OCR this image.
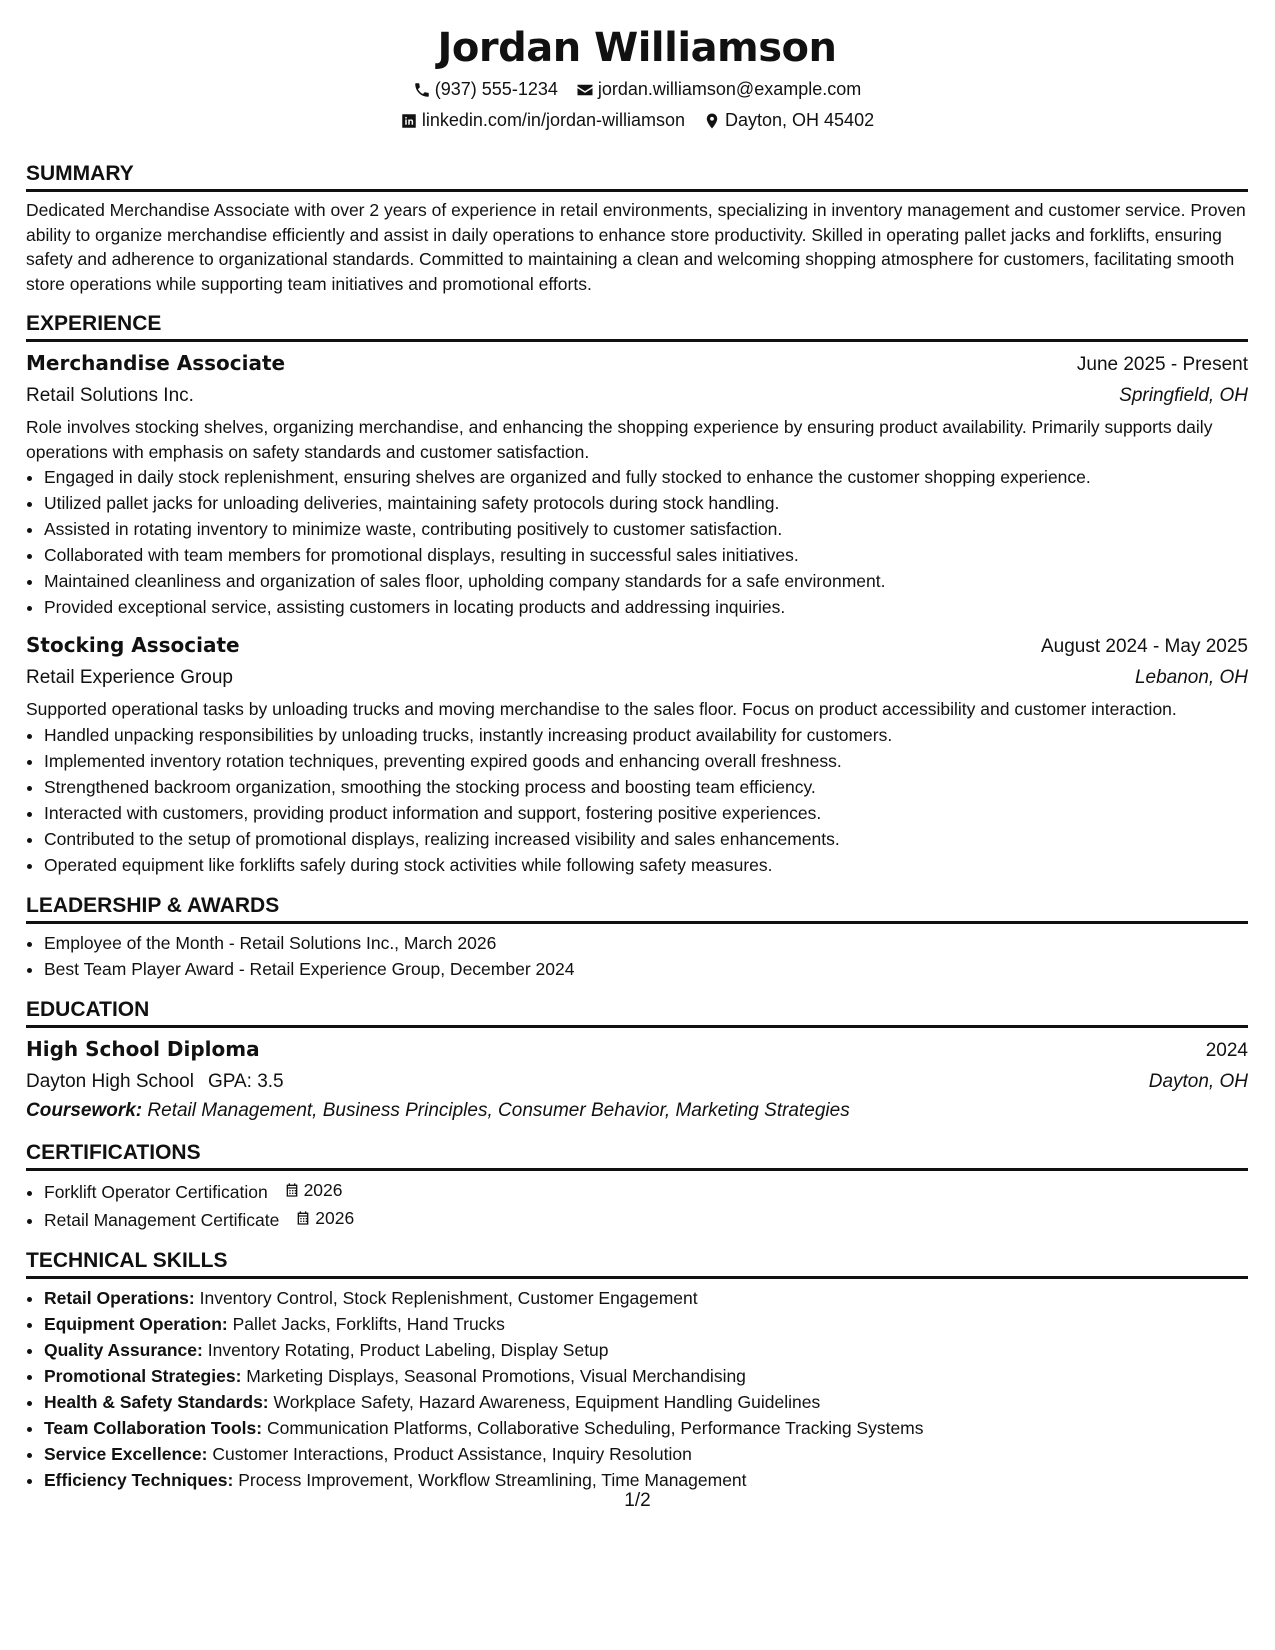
Jordan Williamson
(937) 555-1234 jordan.williamson@example.com
linkedin.com/in/jordan-williamson Dayton, OH 45402
SUMMARY

Dedicated Merchandise Associate with over 2 years of experience in retail environments, specializing in inventory management and customer service. Proven ability to organize merchandise efficiently and assist in daily operations to enhance store productivity. Skilled in operating pallet jacks and forklifts, ensuring safety and adherence to organizational standards. Committed to maintaining a clean and welcoming shopping atmosphere for customers, facilitating smooth store operations while supporting team initiatives and promotional efforts.

EXPERIENCE
Merchandise Associate	June 2025 - Present
Retail Solutions Inc.	Springfield, OH

Role involves stocking shelves, organizing merchandise, and enhancing the shopping experience by ensuring product availability. Primarily supports daily operations with emphasis on safety standards and customer satisfaction.

• Engaged in daily stock replenishment, ensuring shelves are organized and fully stocked to enhance the customer shopping experience.
• Utilized pallet jacks for unloading deliveries, maintaining safety protocols during stock handling.
• Assisted in rotating inventory to minimize waste, contributing positively to customer satisfaction.
• Collaborated with team members for promotional displays, resulting in successful sales initiatives.
• Maintained cleanliness and organization of sales floor, upholding company standards for a safe environment.
• Provided exceptional service, assisting customers in locating products and addressing inquiries.
Stocking Associate	August 2024 - May 2025
Retail Experience Group	Lebanon, OH

Supported operational tasks by unloading trucks and moving merchandise to the sales floor. Focus on product accessibility and customer interaction.

• Handled unpacking responsibilities by unloading trucks, instantly increasing product availability for customers.
• Implemented inventory rotation techniques, preventing expired goods and enhancing overall freshness.
• Strengthened backroom organization, smoothing the stocking process and boosting team efficiency.
• Interacted with customers, providing product information and support, fostering positive experiences.
• Contributed to the setup of promotional displays, realizing increased visibility and sales enhancements.
• Operated equipment like forklifts safely during stock activities while following safety measures.
LEADERSHIP & AWARDS
• Employee of the Month - Retail Solutions Inc., March 2026
• Best Team Player Award - Retail Experience Group, December 2024
EDUCATION
High School Diploma	2024
Dayton High School GPA: 3.5	Dayton, OH
Coursework: Retail Management, Business Principles, Consumer Behavior, Marketing Strategies
CERTIFICATIONS
• Forklift Operator Certification 2026
• Retail Management Certificate 2026
TECHNICAL SKILLS
• Retail Operations: Inventory Control, Stock Replenishment, Customer Engagement
• Equipment Operation: Pallet Jacks, Forklifts, Hand Trucks
• Quality Assurance: Inventory Rotating, Product Labeling, Display Setup
• Promotional Strategies: Marketing Displays, Seasonal Promotions, Visual Merchandising
• Health & Safety Standards: Workplace Safety, Hazard Awareness, Equipment Handling Guidelines
• Team Collaboration Tools: Communication Platforms, Collaborative Scheduling, Performance Tracking Systems
• Service Excellence: Customer Interactions, Product Assistance, Inquiry Resolution
• Efficiency Techniques: Process Improvement, Workflow Streamlining, Time Management
1/2
